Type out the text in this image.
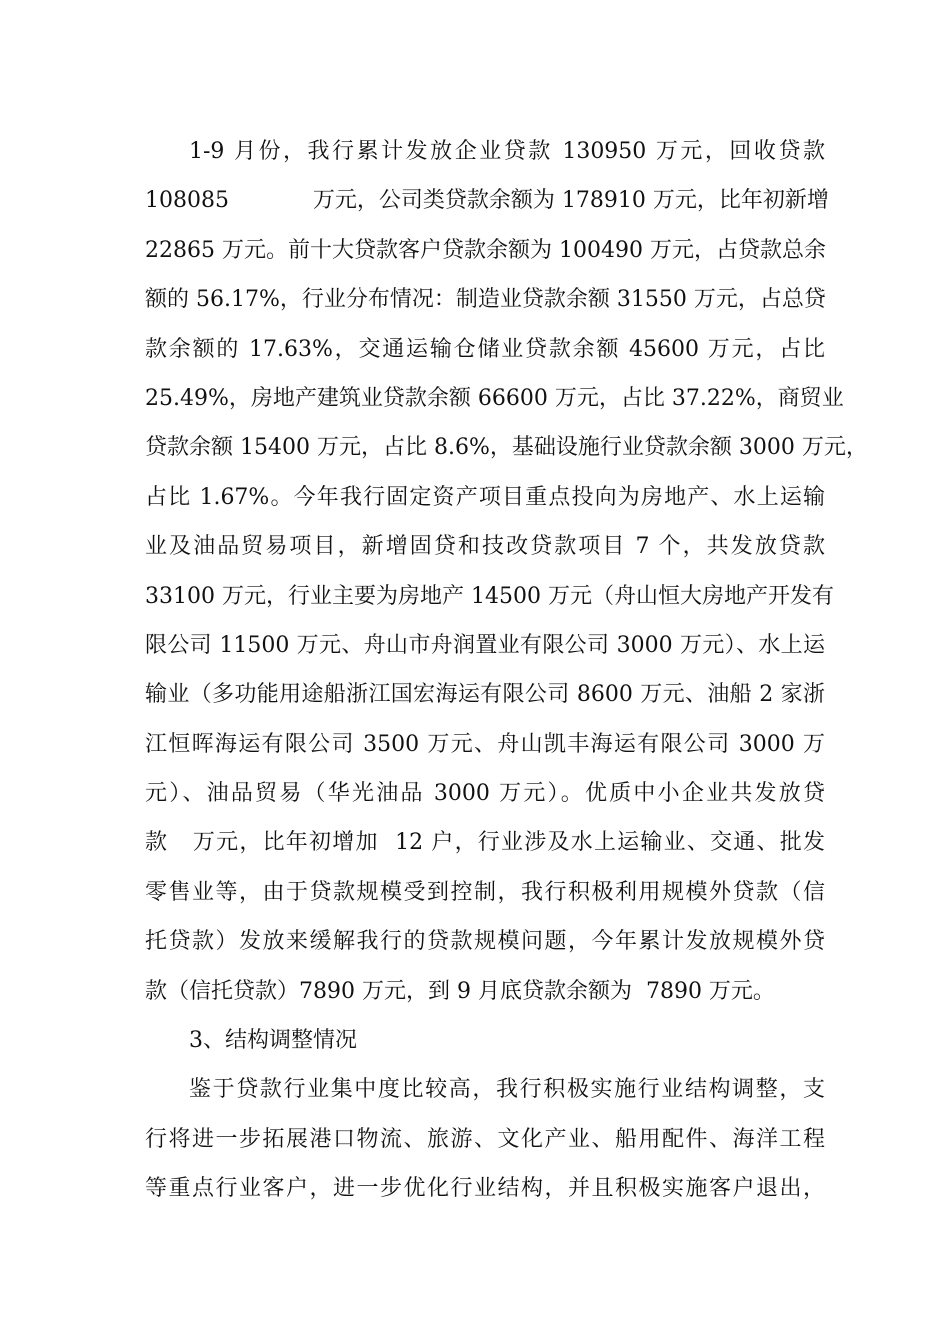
1-9 月份，我行累计发放企业贷款 130950 万元，回收贷款
108085            万元，公司类贷款余额为 178910 万元，比年初新增
22865 万元。前十大贷款客户贷款余额为 100490 万元，占贷款总余
额的 56.17%，行业分布情况：制造业贷款余额 31550 万元，占总贷
款余额的 17.63%，交通运输仓储业贷款余额 45600 万元，占比
25.49%，房地产建筑业贷款余额 66600 万元，占比 37.22%，商贸业
贷款余额 15400 万元，占比 8.6%，基础设施行业贷款余额 3000 万元，
占比 1.67%。今年我行固定资产项目重点投向为房地产、水上运输
业及油品贸易项目，新增固贷和技改贷款项目 7 个，共发放贷款
33100 万元，行业主要为房地产 14500 万元（舟山恒大房地产开发有
限公司 11500 万元、舟山市舟润置业有限公司 3000 万元）、水上运
输业（多功能用途船浙江国宏海运有限公司 8600 万元、油船 2 家浙
江恒晖海运有限公司 3500 万元、舟山凯丰海运有限公司 3000 万
元）、油品贸易（华光油品 3000 万元）。优质中小企业共发放贷
款   万元，比年初增加  12 户，行业涉及水上运输业、交通、批发
零售业等，由于贷款规模受到控制，我行积极利用规模外贷款（信
托贷款）发放来缓解我行的贷款规模问题，今年累计发放规模外贷
款（信托贷款）7890 万元，到 9 月底贷款余额为  7890 万元。
3、结构调整情况
鉴于贷款行业集中度比较高，我行积极实施行业结构调整，支
行将进一步拓展港口物流、旅游、文化产业、船用配件、海洋工程
等重点行业客户，进一步优化行业结构，并且积极实施客户退出，
